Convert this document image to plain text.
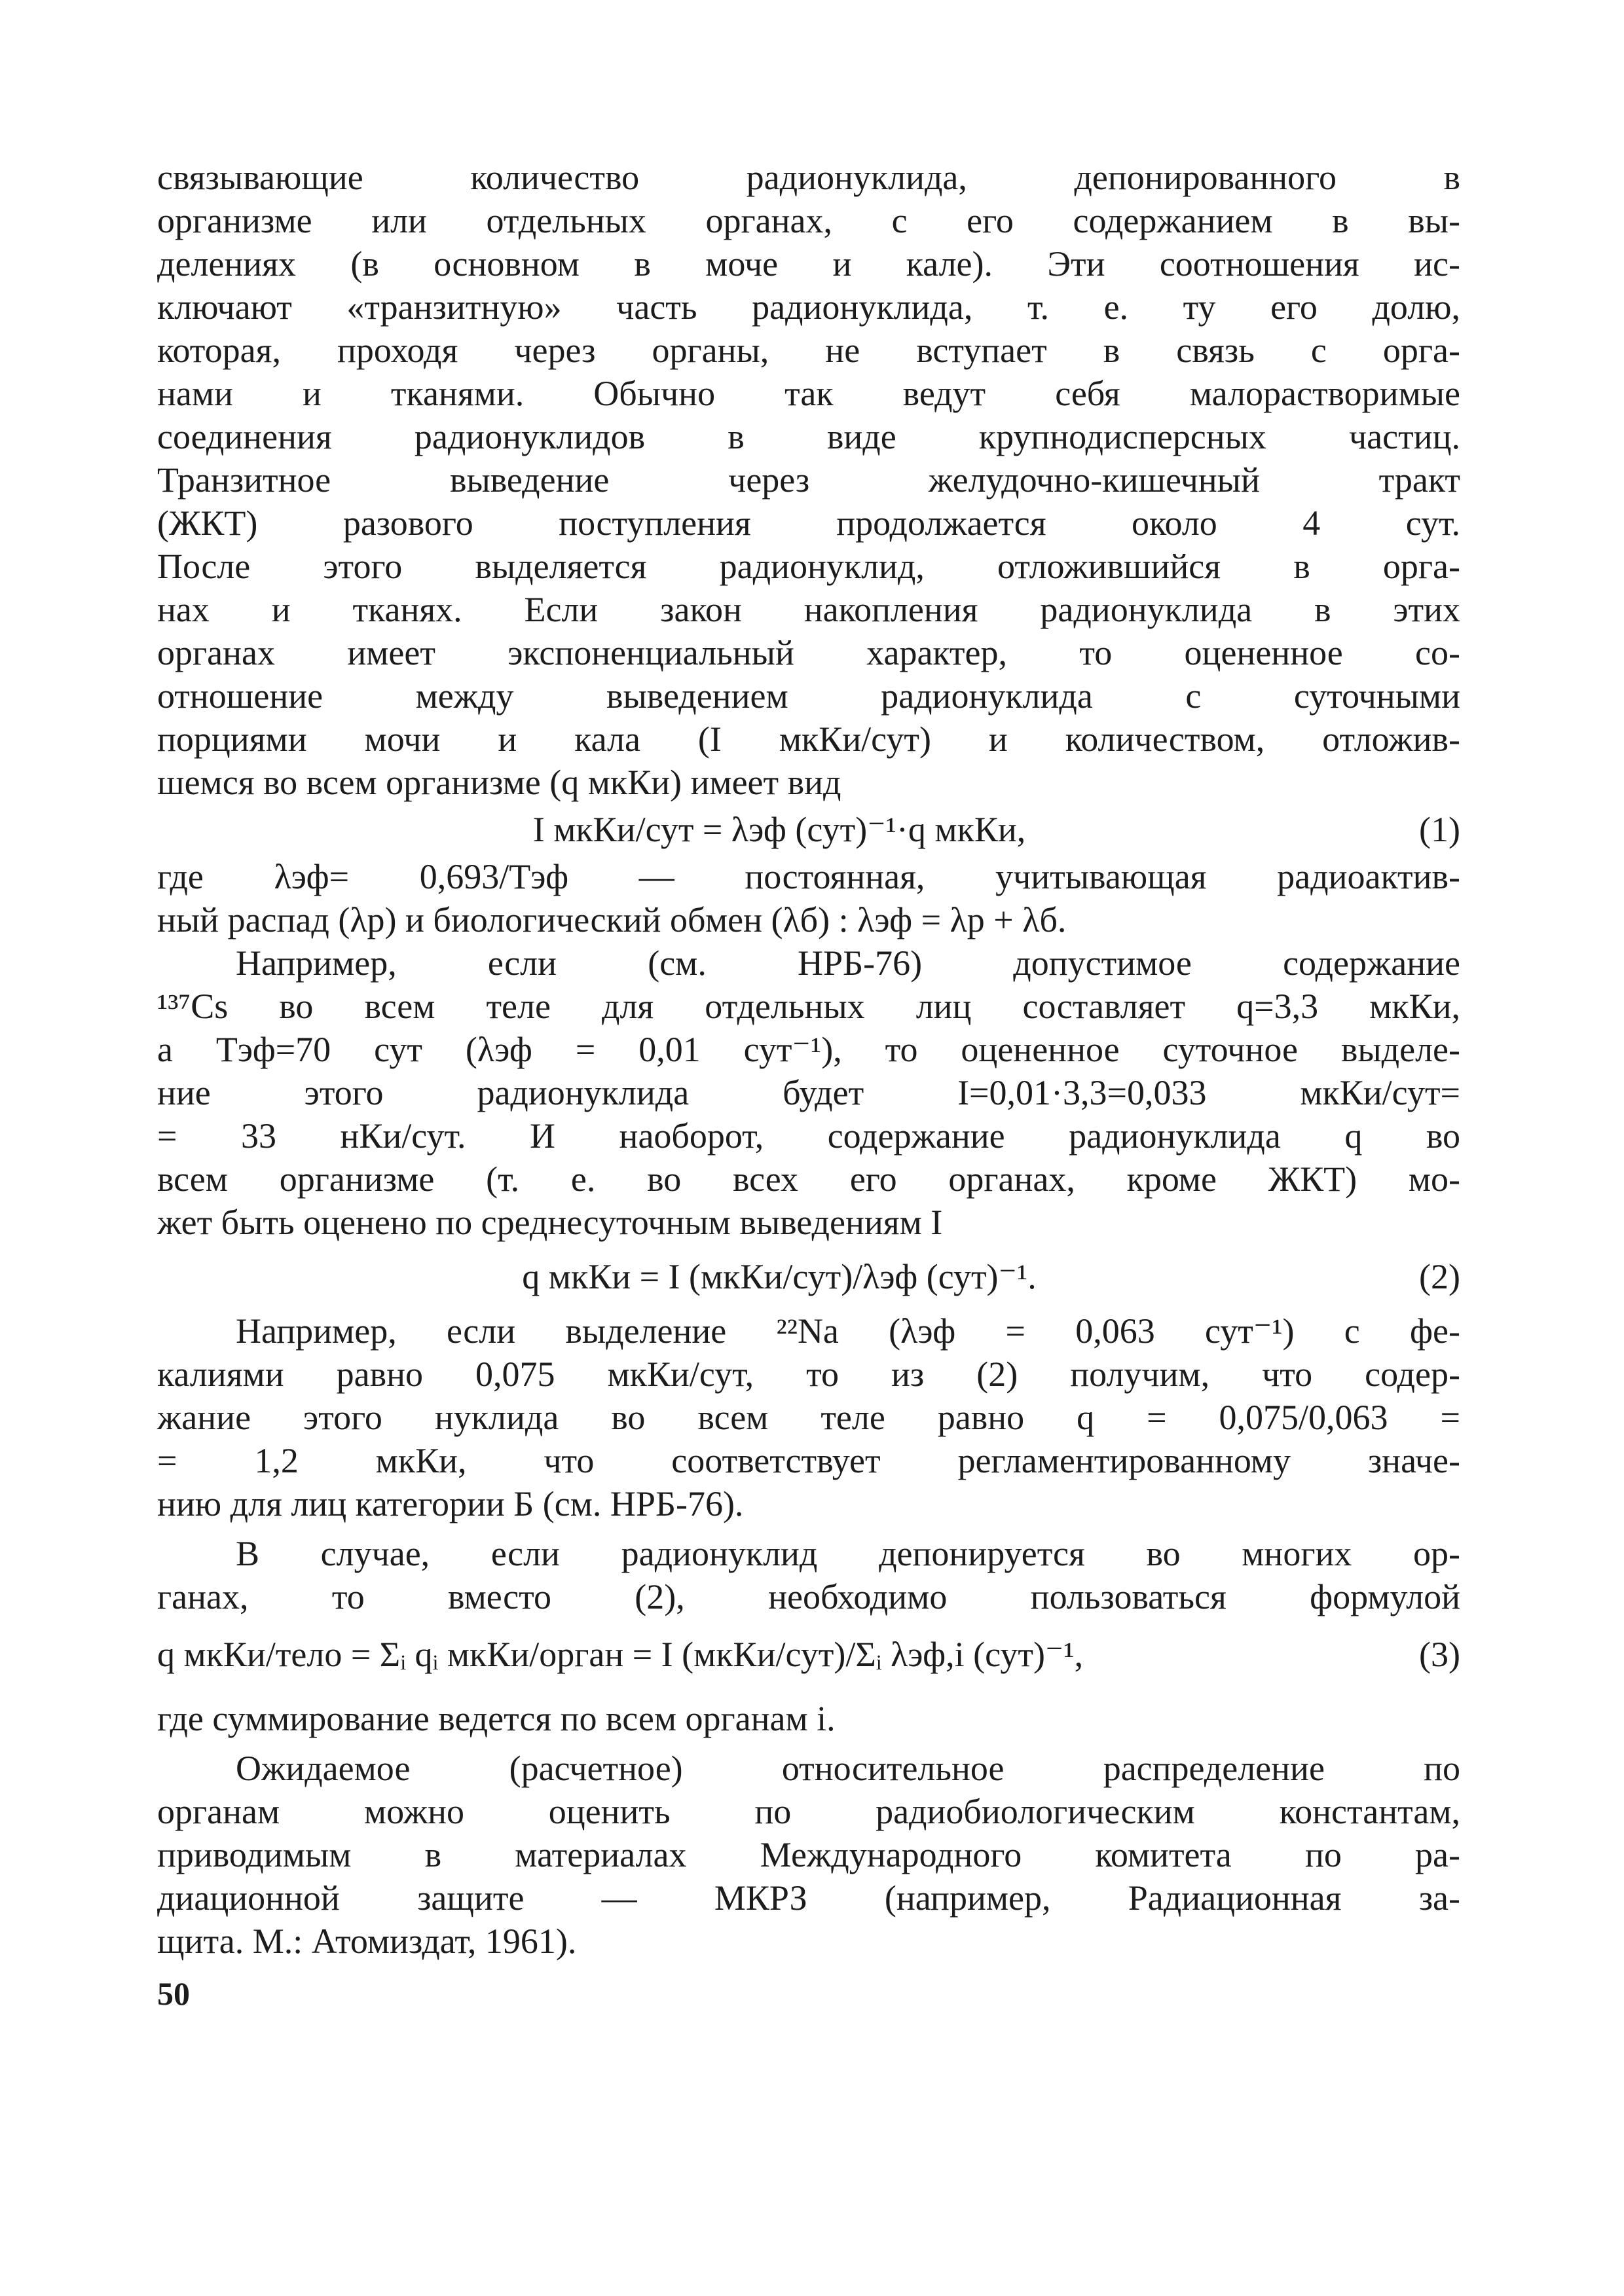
связывающие количество радионуклида, депонированного в
организме или отдельных органах, с его содержанием в вы-
делениях (в основном в моче и кале). Эти соотношения ис-
ключают «транзитную» часть радионуклида, т. е. ту его долю,
которая, проходя через органы, не вступает в связь с орга-
нами и тканями. Обычно так ведут себя малорастворимые
соединения радионуклидов в виде крупнодисперсных частиц.
Транзитное выведение через желудочно-кишечный тракт
(ЖКТ) разового поступления продолжается около 4 сут.
После этого выделяется радионуклид, отложившийся в орга-
нах и тканях. Если закон накопления радионуклида в этих
органах имеет экспоненциальный характер, то оцененное со-
отношение между выведением радионуклида с суточными
порциями мочи и кала (I мкКи/сут) и количеством, отложив-
шемся во всем организме (q мкКи) имеет вид
I мкКи/сут = λэф (сут)⁻¹·q мкКи,	(1)
где λэф= 0,693/Tэф — постоянная, учитывающая радиоактив-
ный распад (λр) и биологический обмен (λб) : λэф = λр + λб.
Например, если (см. НРБ-76) допустимое содержание
¹³⁷Cs во всем теле для отдельных лиц составляет q=3,3 мкКи,
а Tэф=70 сут (λэф = 0,01 сут⁻¹), то оцененное суточное выделе-
ние этого радионуклида будет I=0,01·3,3=0,033 мкКи/сут=
= 33 нКи/сут. И наоборот, содержание радионуклида q во
всем организме (т. е. во всех его органах, кроме ЖКТ) мо-
жет быть оценено по среднесуточным выведениям I
q мкКи = I (мкКи/сут)/λэф (сут)⁻¹.	(2)
Например, если выделение ²²Na (λэф = 0,063 сут⁻¹) с фе-
калиями равно 0,075 мкКи/сут, то из (2) получим, что содер-
жание этого нуклида во всем теле равно q = 0,075/0,063 =
= 1,2 мкКи, что соответствует регламентированному значе-
нию для лиц категории Б (см. НРБ-76).
В случае, если радионуклид депонируется во многих ор-
ганах, то вместо (2), необходимо пользоваться формулой
q мкКи/тело = Σᵢ qᵢ мкКи/орган = I (мкКи/сут)/Σᵢ λэф,i (сут)⁻¹,	(3)
где суммирование ведется по всем органам i.
Ожидаемое (расчетное) относительное распределение по
органам можно оценить по радиобиологическим константам,
приводимым в материалах Международного комитета по ра-
диационной защите — МКРЗ (например, Радиационная за-
щита. М.: Атомиздат, 1961).
50
